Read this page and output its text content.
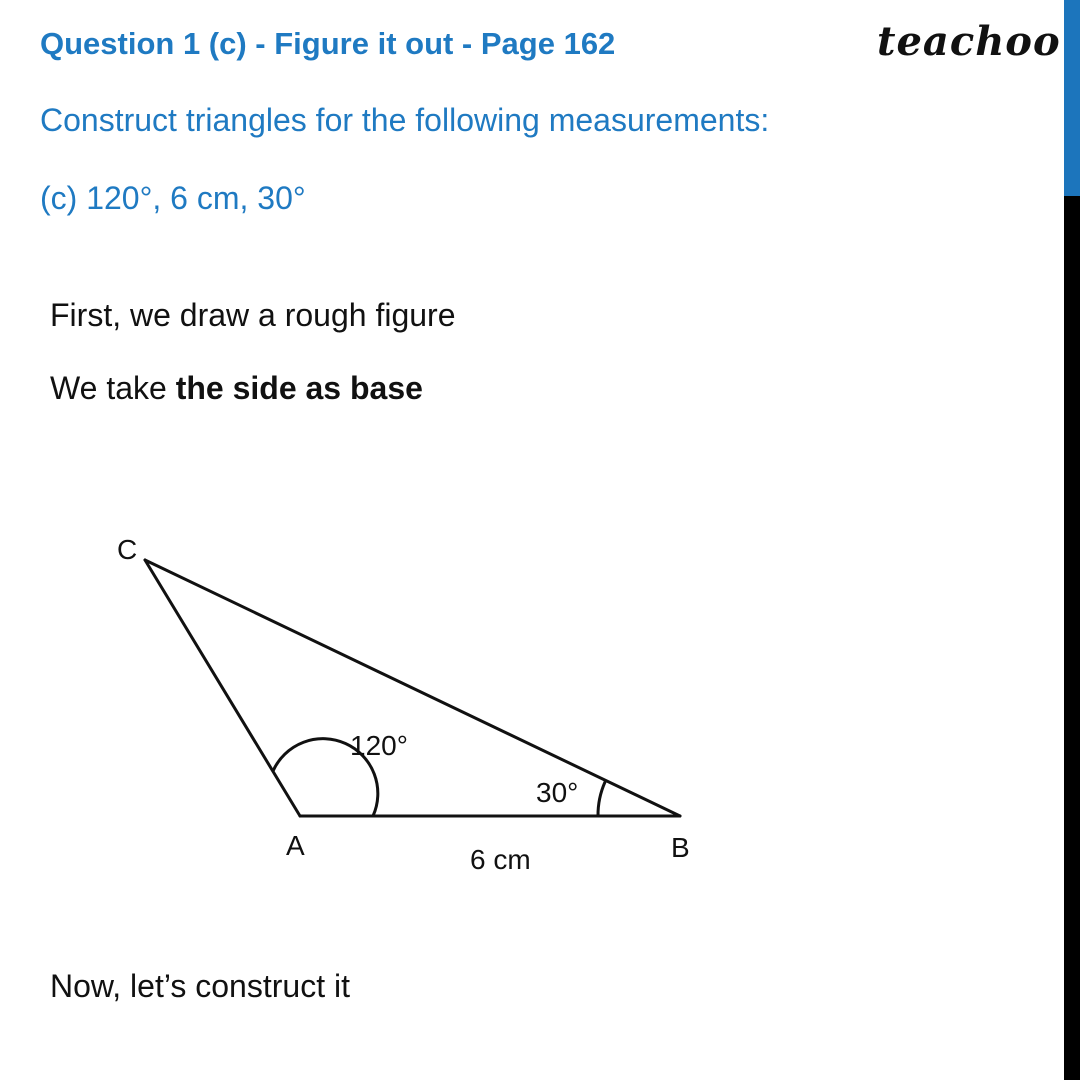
Question 1 (c) - Figure it out - Page 162	teachoo
Construct triangles for the following measurements:
(c) 120°, 6 cm, 30°
First, we draw a rough figure
We take the side as base
C
A	B
120°
30°
6 cm
Now, let’s construct it
